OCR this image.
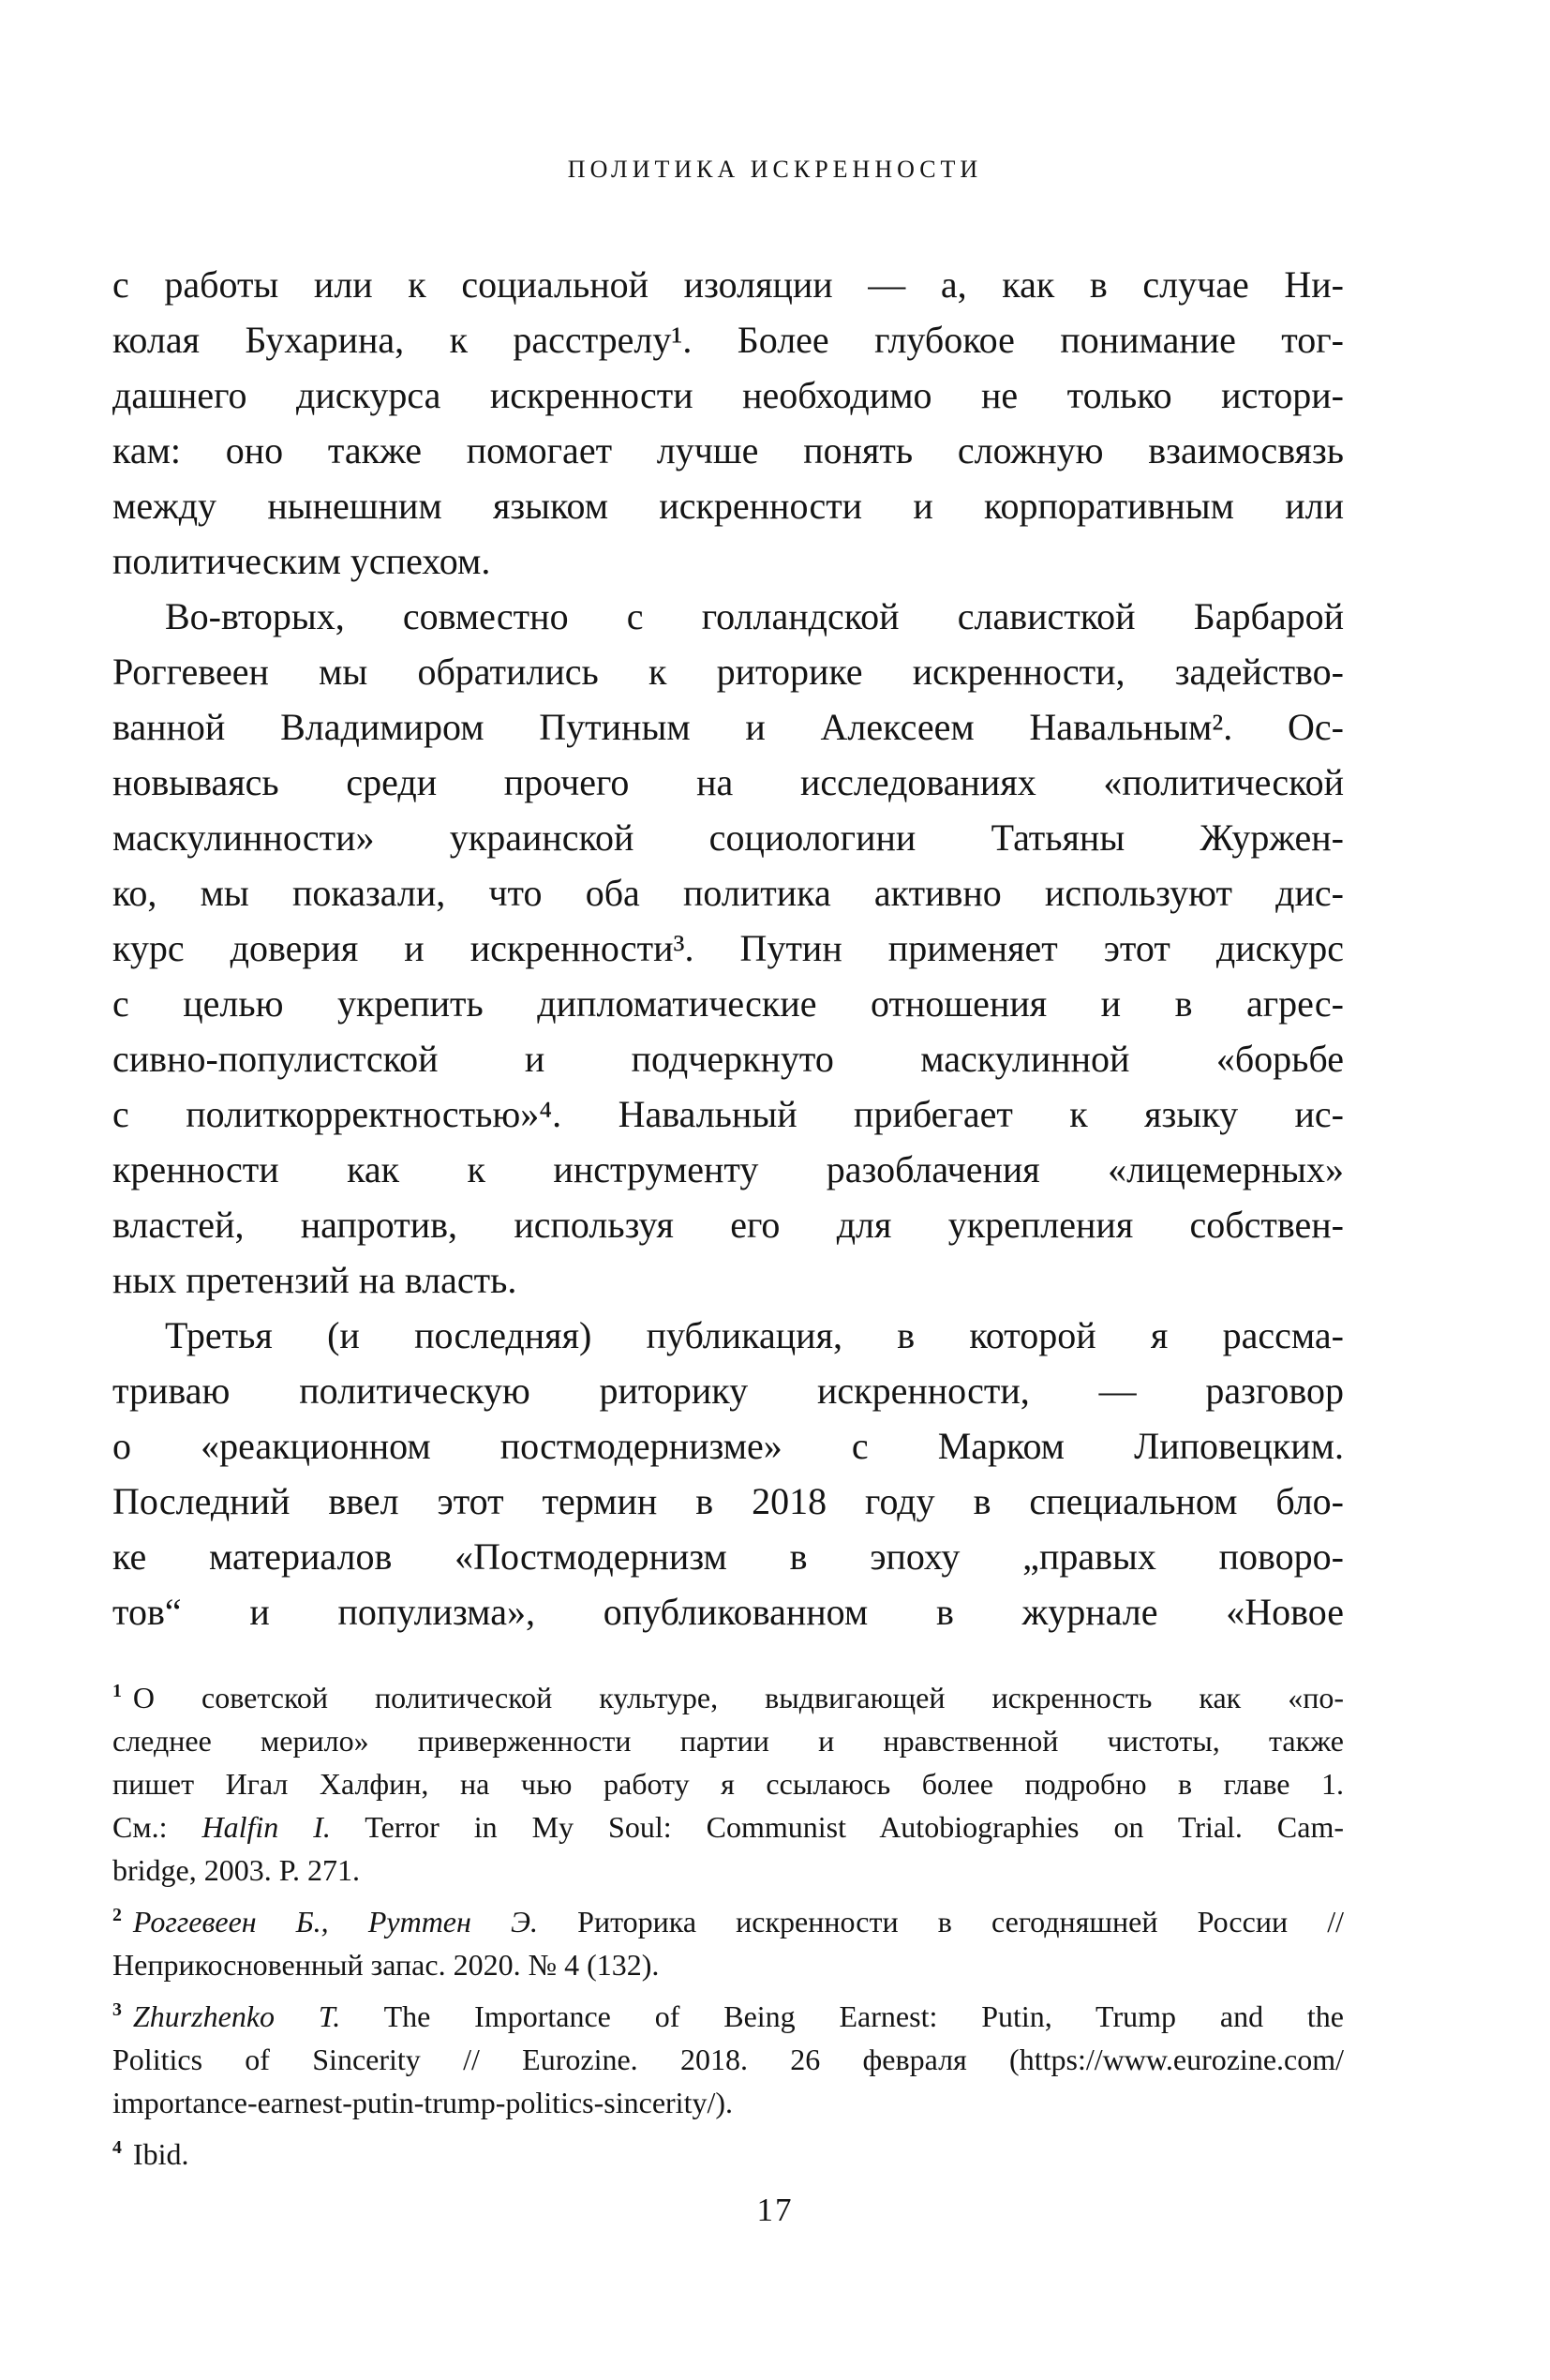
ПОЛИТИКА ИСКРЕННОСТИ
с работы или к социальной изоляции — а, как в случае Ни-
колая Бухарина, к расстрелу¹. Более глубокое понимание тог-
дашнего дискурса искренности необходимо не только истори-
кам: оно также помогает лучше понять сложную взаимосвязь
между нынешним языком искренности и корпоративным или
политическим успехом.
Во-вторых, совместно с голландской слависткой Барбарой
Роггевеен мы обратились к риторике искренности, задейство-
ванной Владимиром Путиным и Алексеем Навальным². Ос-
новываясь среди прочего на исследованиях «политической
маскулинности» украинской социологини Татьяны Журжен-
ко, мы показали, что оба политика активно используют дис-
курс доверия и искренности³. Путин применяет этот дискурс
с целью укрепить дипломатические отношения и в агрес-
сивно-популистской и подчеркнуто маскулинной «борьбе
с политкорректностью»⁴. Навальный прибегает к языку ис-
кренности как к инструменту разоблачения «лицемерных»
властей, напротив, используя его для укрепления собствен-
ных претензий на власть.
Третья (и последняя) публикация, в которой я рассма-
триваю политическую риторику искренности, — разговор
о «реакционном постмодернизме» с Марком Липовецким.
Последний ввел этот термин в 2018 году в специальном бло-
ке материалов «Постмодернизм в эпоху „правых поворо-
тов“ и популизма», опубликованном в журнале «Новое
$^1$ О советской политической культуре, выдвигающей искренность как «по-
следнее мерило» приверженности партии и нравственной чистоты, также
пишет Игал Халфин, на чью работу я ссылаюсь более подробно в главе 1.
См.: Halfin I. Terror in My Soul: Communist Autobiographies on Trial. Cam-
bridge, 2003. P. 271.
$^2$ Роггевеен Б., Руттен Э. Риторика искренности в сегодняшней России //
Неприкосновенный запас. 2020. № 4 (132).
$^3$ Zhurzhenko T. The Importance of Being Earnest: Putin, Trump and the
Politics of Sincerity // Eurozine. 2018. 26 февраля (https://www.eurozine.com/
importance-earnest-putin-trump-politics-sincerity/).
$^4$ Ibid.
17
